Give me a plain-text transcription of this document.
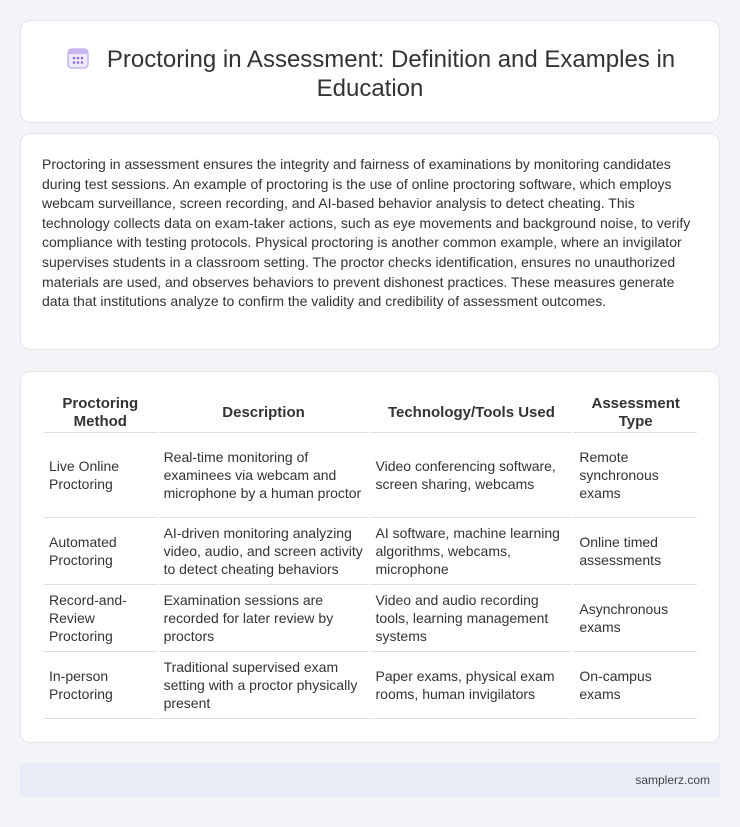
Proctoring in Assessment: Definition and Examples in Education

Proctoring in assessment ensures the integrity and fairness of examinations by monitoring candidates during test sessions. An example of proctoring is the use of online proctoring software, which employs webcam surveillance, screen recording, and AI-based behavior analysis to detect cheating. This technology collects data on exam-taker actions, such as eye movements and background noise, to verify compliance with testing protocols. Physical proctoring is another common example, where an invigilator supervises students in a classroom setting. The proctor checks identification, ensures no unauthorized materials are used, and observes behaviors to prevent dishonest practices. These measures generate data that institutions analyze to confirm the validity and credibility of assessment outcomes.

Proctoring Method	Description	Technology/Tools Used	Assessment Type
Live Online Proctoring	Real-time monitoring of examinees via webcam and microphone by a human proctor	Video conferencing software, screen sharing, webcams	Remote synchronous exams
Automated Proctoring	AI-driven monitoring analyzing video, audio, and screen activity to detect cheating behaviors	AI software, machine learning algorithms, webcams, microphone	Online timed assessments
Record-and-Review Proctoring	Examination sessions are recorded for later review by proctors	Video and audio recording tools, learning management systems	Asynchronous exams
In-person Proctoring	Traditional supervised exam setting with a proctor physically present	Paper exams, physical exam rooms, human invigilators	On-campus exams
samplerz.com
